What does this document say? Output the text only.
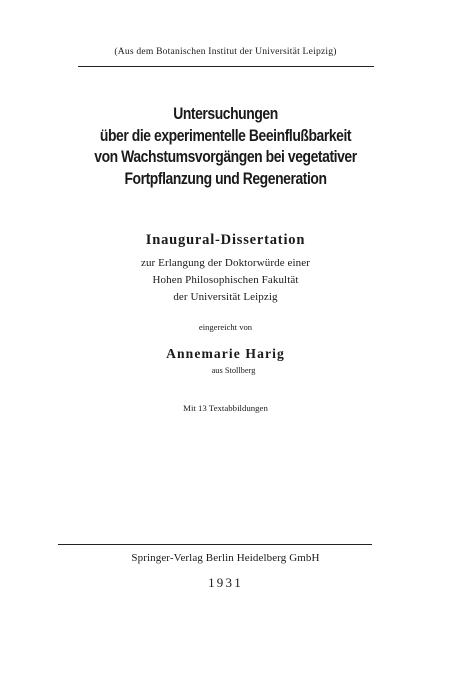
(Aus dem Botanischen Institut der Universität Leipzig)
Untersuchungen
über die experimentelle Beeinflußbarkeit
von Wachstumsvorgängen bei vegetativer
Fortpflanzung und Regeneration
Inaugural-Dissertation
zur Erlangung der Doktorwürde einer
Hohen Philosophischen Fakultät
der Universität Leipzig
eingereicht von
Annemarie Harig
aus Stollberg
Mit 13 Textabbildungen
Springer-Verlag Berlin Heidelberg GmbH
1931
